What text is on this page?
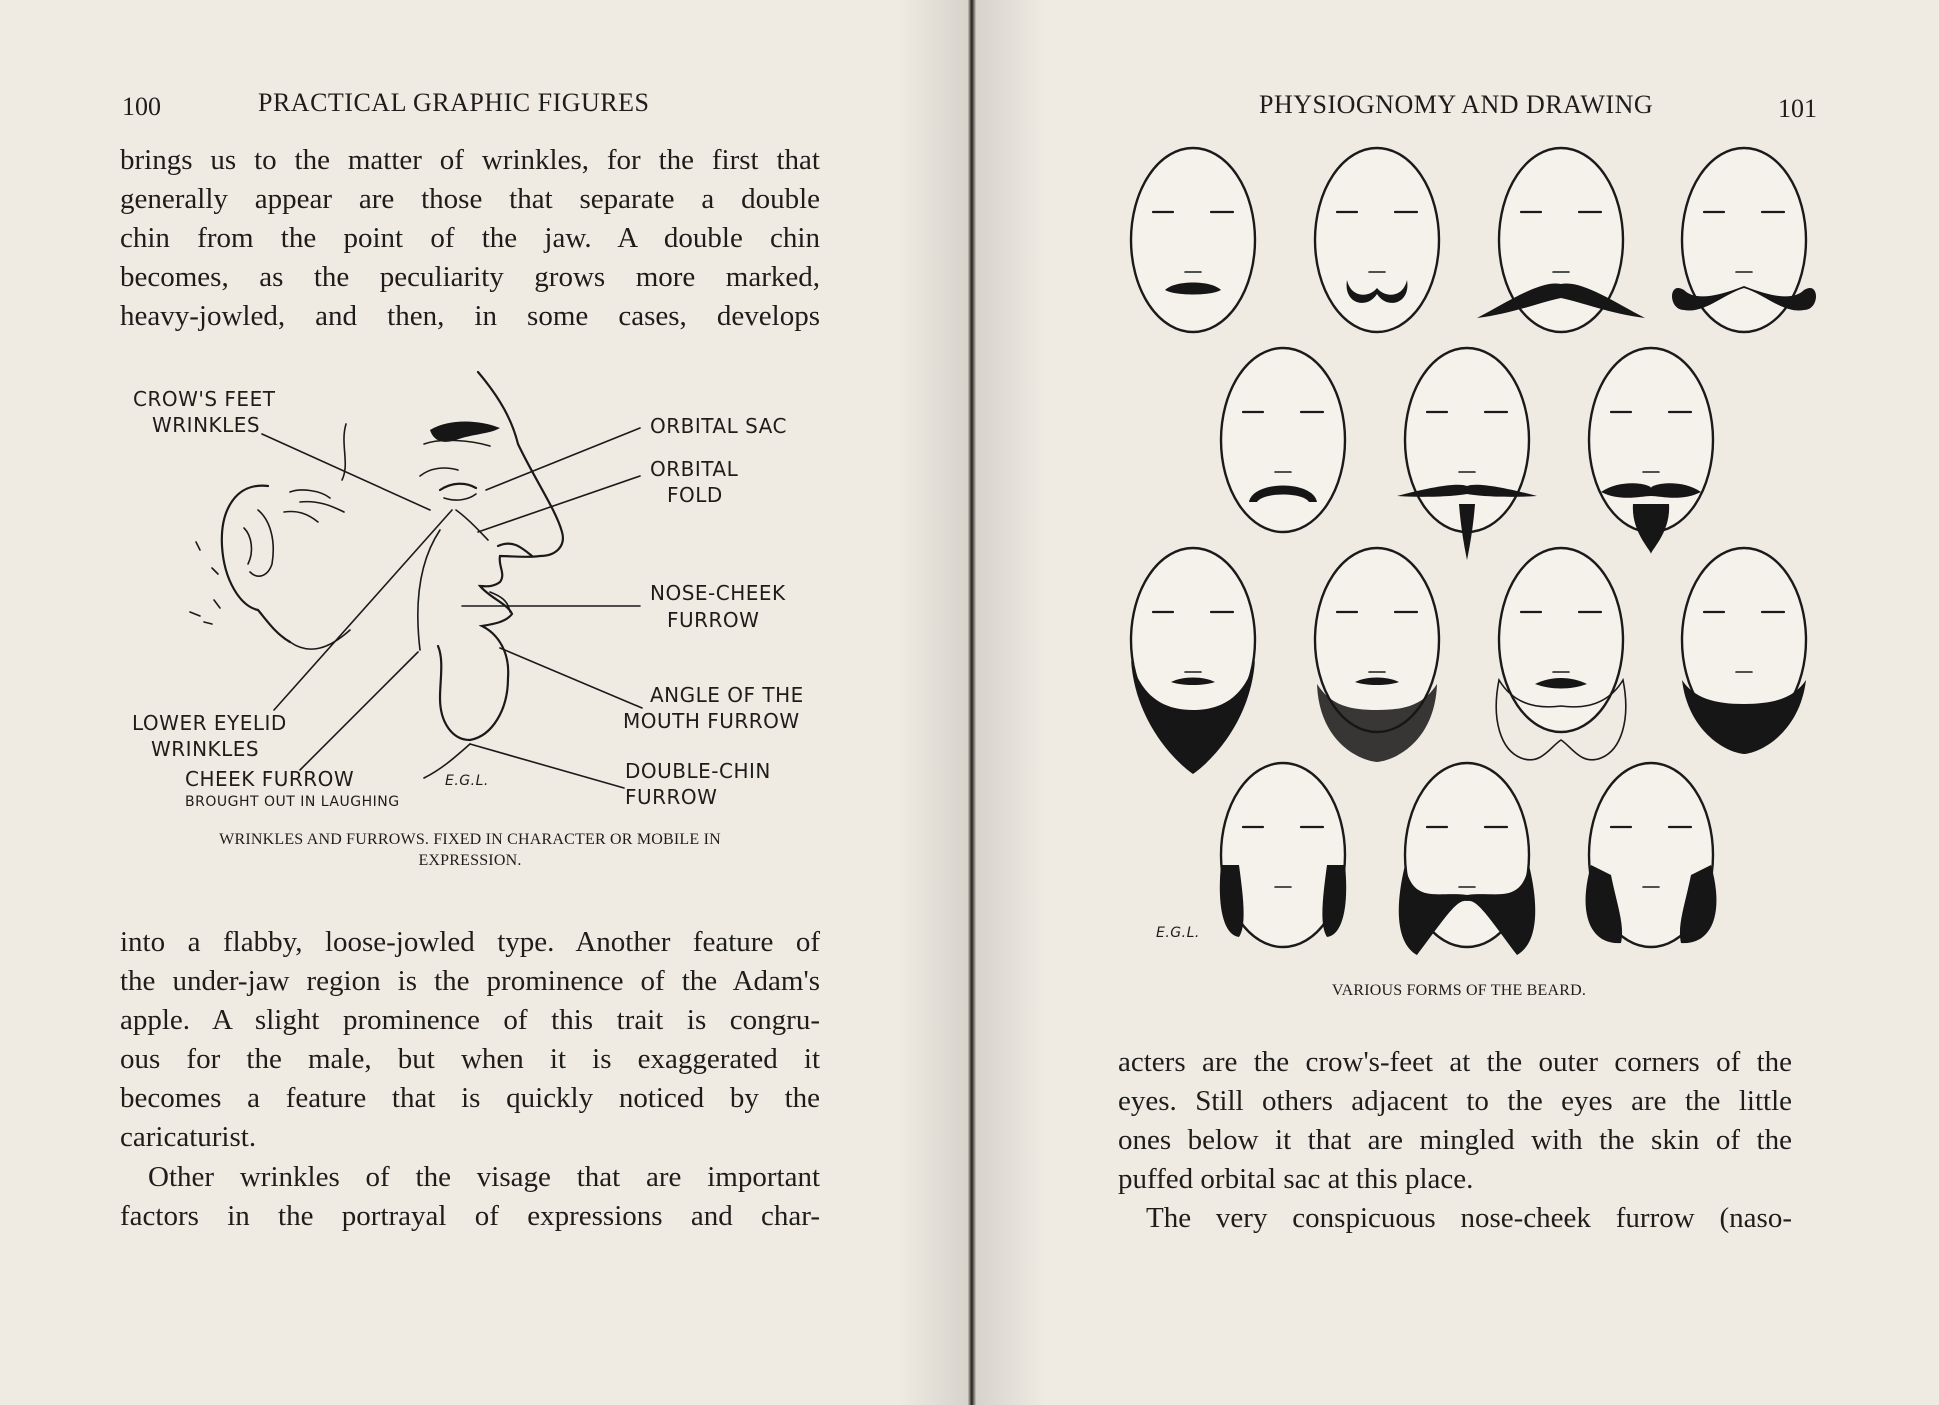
100	PRACTICAL GRAPHIC FIGURES
brings us to the matter of wrinkles, for the first that
generally appear are those that separate a double
chin from the point of the jaw. A double chin
becomes, as the peculiarity grows more marked,
heavy-jowled, and then, in some cases, develops
CROW'S FEET
WRINKLES	ORBITAL SAC
ORBITAL
FOLD
NOSE-CHEEK
FURROW
ANGLE OF THE
MOUTH FURROW
LOWER EYELID
WRINKLES
CHEEK FURROW
BROUGHT OUT IN LAUGHING
DOUBLE-CHIN
FURROW
E.G.L.
WRINKLES AND FURROWS. FIXED IN CHARACTER OR MOBILE IN
EXPRESSION.
into a flabby, loose-jowled type. Another feature of
the under-jaw region is the prominence of the Adam's
apple. A slight prominence of this trait is congru-
ous for the male, but when it is exaggerated it
becomes a feature that is quickly noticed by the
caricaturist.
Other wrinkles of the visage that are important
factors in the portrayal of expressions and char-
PHYSIOGNOMY AND DRAWING	101
E.G.L.
VARIOUS FORMS OF THE BEARD.
acters are the crow's-feet at the outer corners of the
eyes. Still others adjacent to the eyes are the little
ones below it that are mingled with the skin of the
puffed orbital sac at this place.
The very conspicuous nose-cheek furrow (naso-
